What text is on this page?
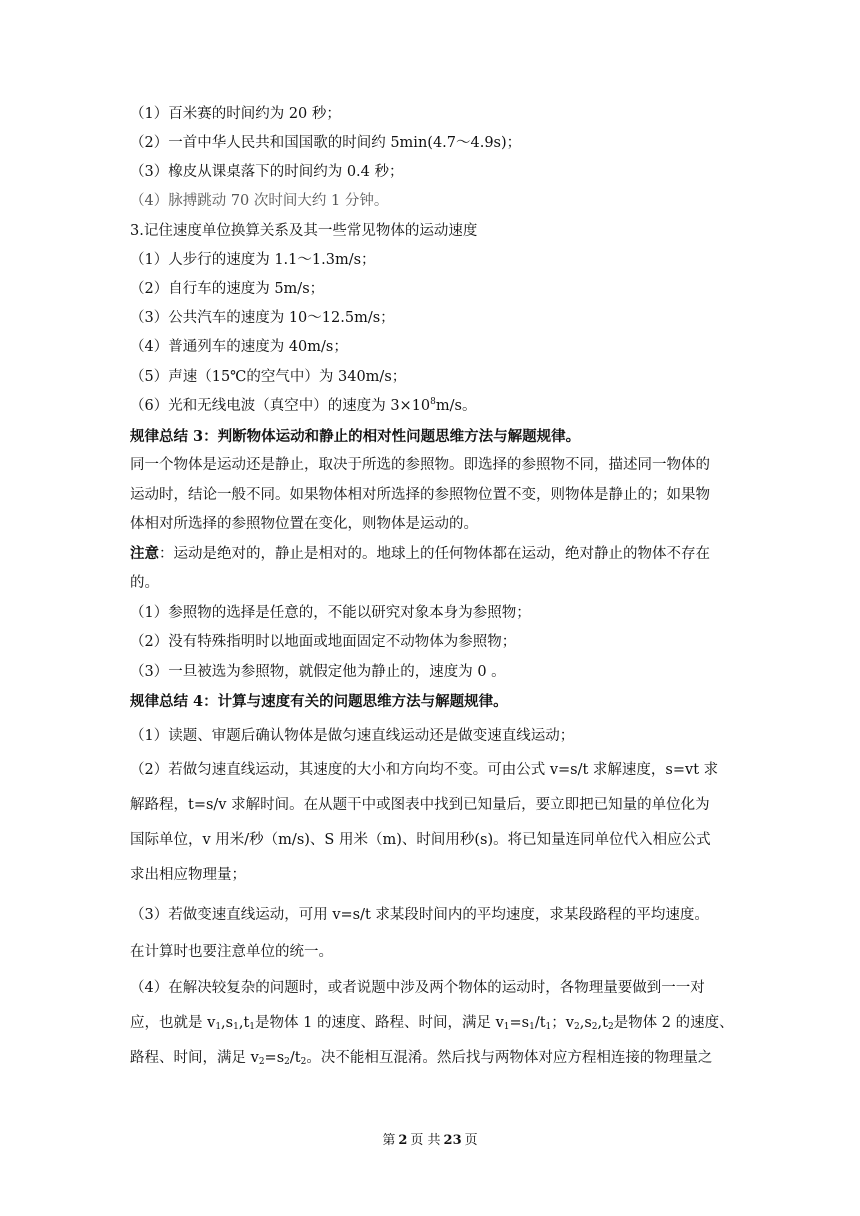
（1）百米赛的时间约为 20 秒；
（2）一首中华人民共和国国歌的时间约 5min(4.7～4.9s)；
（3）橡皮从课桌落下的时间约为 0.4 秒；
（4）脉搏跳动 70 次时间大约 1 分钟。
3.记住速度单位换算关系及其一些常见物体的运动速度
（1）人步行的速度为 1.1～1.3m/s；
（2）自行车的速度为 5m/s；
（3）公共汽车的速度为 10～12.5m/s；
（4）普通列车的速度为 40m/s；
（5）声速（15℃的空气中）为 340m/s；
（6）光和无线电波（真空中）的速度为 $3\times 10^8m/s$。
规律总结 3：判断物体运动和静止的相对性问题思维方法与解题规律。
同一个物体是运动还是静止，取决于所选的参照物。即选择的参照物不同，描述同一物体的
运动时，结论一般不同。如果物体相对所选择的参照物位置不变，则物体是静止的；如果物
体相对所选择的参照物位置在变化，则物体是运动的。
注意：运动是绝对的，静止是相对的。地球上的任何物体都在运动，绝对静止的物体不存在
的。
（1）参照物的选择是任意的，不能以研究对象本身为参照物；
（2）没有特殊指明时以地面或地面固定不动物体为参照物；
（3）一旦被选为参照物，就假定他为静止的，速度为 0 。
规律总结 4：计算与速度有关的问题思维方法与解题规律。
（1）读题、审题后确认物体是做匀速直线运动还是做变速直线运动；
（2）若做匀速直线运动，其速度的大小和方向均不变。可由公式 v=s/t 求解速度，s=vt 求
解路程，t=s/v 求解时间。在从题干中或图表中找到已知量后，要立即把已知量的单位化为
国际单位，v 用米/秒（m/s)、S 用米（m)、时间用秒(s)。将已知量连同单位代入相应公式
求出相应物理量；
（3）若做变速直线运动，可用 v=s/t 求某段时间内的平均速度，求某段路程的平均速度。
在计算时也要注意单位的统一。
（4）在解决较复杂的问题时，或者说题中涉及两个物体的运动时，各物理量要做到一一对
应，也就是 $v_1,s_1,t_1$是物体 1 的速度、路程、时间，满足 $v_1=s_1/t_1$；$v_2,s_2,t_2$是物体 2 的速度、
路程、时间，满足 $v_2=s_2/t_2$。决不能相互混淆。然后找与两物体对应方程相连接的物理量之
第 2 页 共 23 页
